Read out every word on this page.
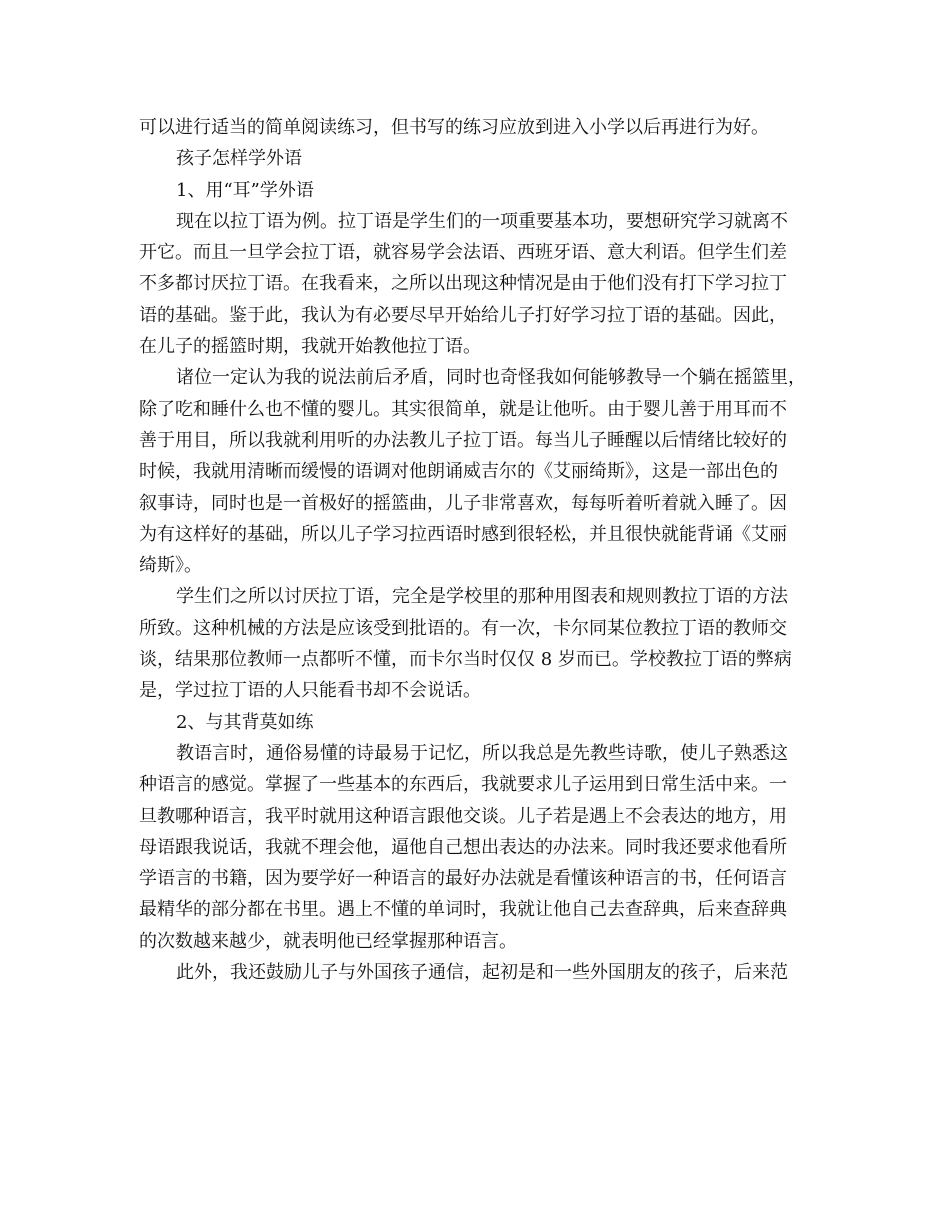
可以进行适当的简单阅读练习，但书写的练习应放到进入小学以后再进行为好。
孩子怎样学外语
1、用“耳”学外语
现在以拉丁语为例。拉丁语是学生们的一项重要基本功，要想研究学习就离不
开它。而且一旦学会拉丁语，就容易学会法语、西班牙语、意大利语。但学生们差
不多都讨厌拉丁语。在我看来，之所以出现这种情况是由于他们没有打下学习拉丁
语的基础。鉴于此，我认为有必要尽早开始给儿子打好学习拉丁语的基础。因此，
在儿子的摇篮时期，我就开始教他拉丁语。
诸位一定认为我的说法前后矛盾，同时也奇怪我如何能够教导一个躺在摇篮里，
除了吃和睡什么也不懂的婴儿。其实很简单，就是让他听。由于婴儿善于用耳而不
善于用目，所以我就利用听的办法教儿子拉丁语。每当儿子睡醒以后情绪比较好的
时候，我就用清晰而缓慢的语调对他朗诵威吉尔的《艾丽绮斯》，这是一部出色的
叙事诗，同时也是一首极好的摇篮曲，儿子非常喜欢，每每听着听着就入睡了。因
为有这样好的基础，所以儿子学习拉西语时感到很轻松，并且很快就能背诵《艾丽
绮斯》。
学生们之所以讨厌拉丁语，完全是学校里的那种用图表和规则教拉丁语的方法
所致。这种机械的方法是应该受到批语的。有一次，卡尔同某位教拉丁语的教师交
谈，结果那位教师一点都听不懂，而卡尔当时仅仅 8 岁而已。学校教拉丁语的弊病
是，学过拉丁语的人只能看书却不会说话。
2、与其背莫如练
教语言时，通俗易懂的诗最易于记忆，所以我总是先教些诗歌，使儿子熟悉这
种语言的感觉。掌握了一些基本的东西后，我就要求儿子运用到日常生活中来。一
旦教哪种语言，我平时就用这种语言跟他交谈。儿子若是遇上不会表达的地方，用
母语跟我说话，我就不理会他，逼他自己想出表达的办法来。同时我还要求他看所
学语言的书籍，因为要学好一种语言的最好办法就是看懂该种语言的书，任何语言
最精华的部分都在书里。遇上不懂的单词时，我就让他自己去查辞典，后来查辞典
的次数越来越少，就表明他已经掌握那种语言。
此外，我还鼓励儿子与外国孩子通信，起初是和一些外国朋友的孩子，后来范
